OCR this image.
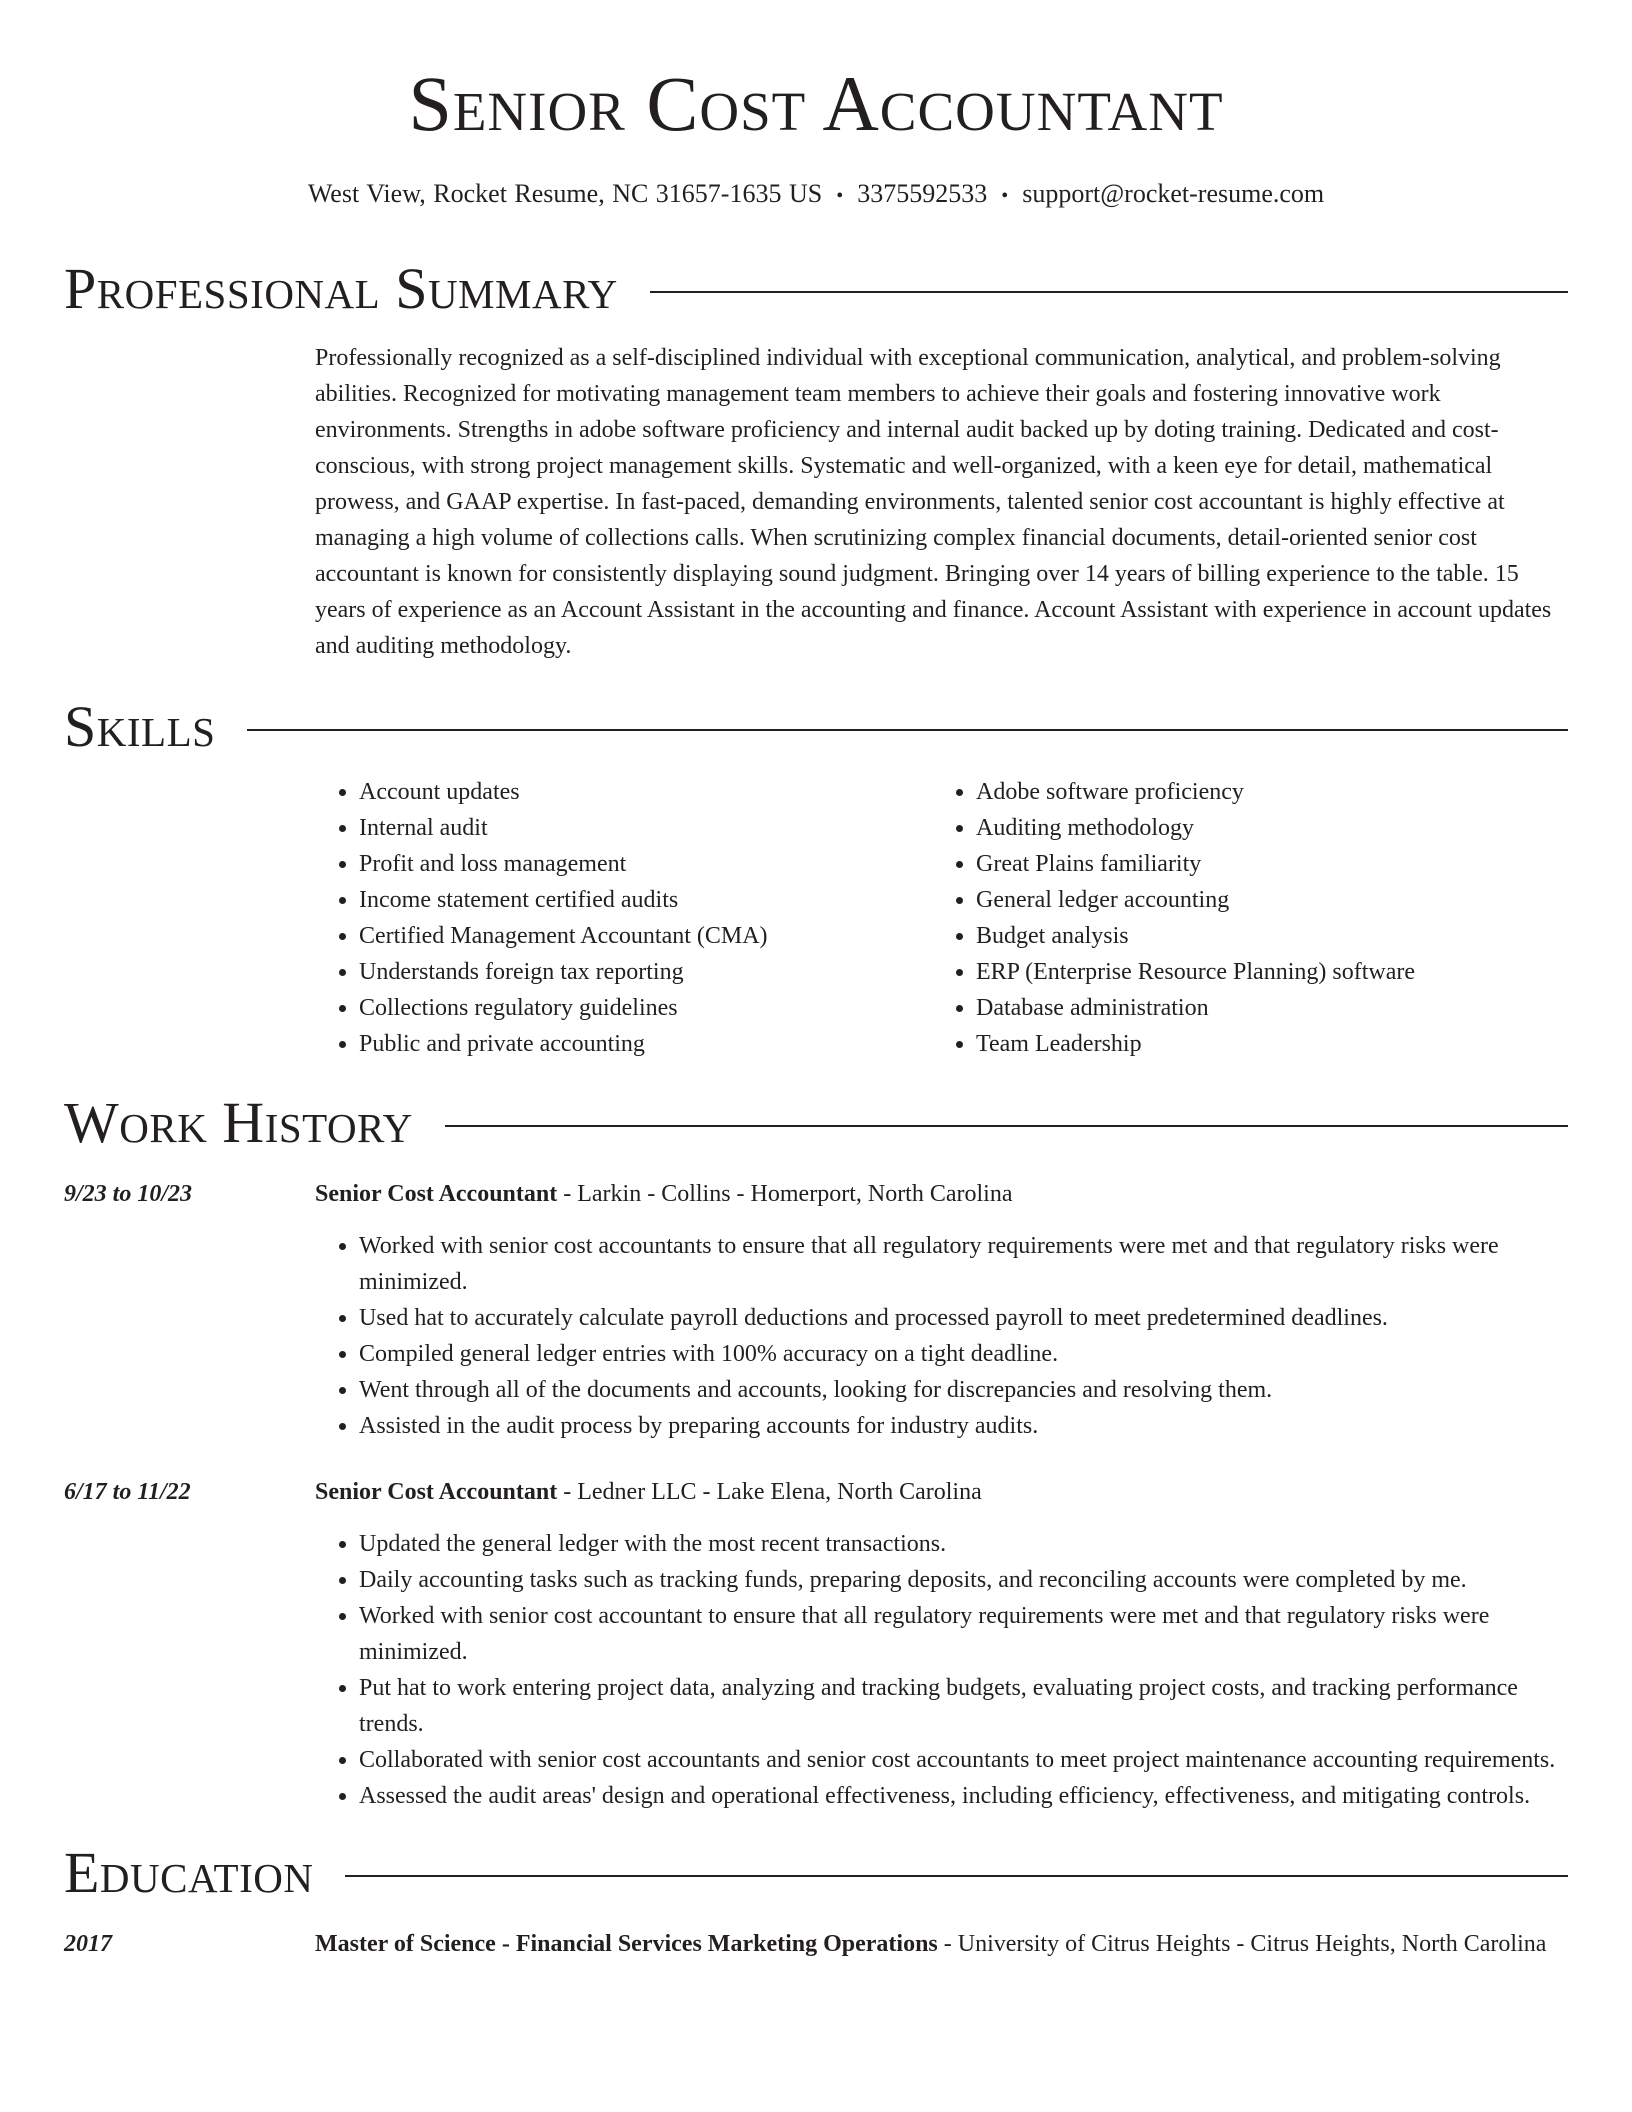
Senior Cost Accountant
West View, Rocket Resume, NC 31657-1635 US • 3375592533 • support@rocket-resume.com
Professional Summary
Professionally recognized as a self-disciplined individual with exceptional communication, analytical, and problem-solving abilities. Recognized for motivating management team members to achieve their goals and fostering innovative work environments. Strengths in adobe software proficiency and internal audit backed up by doting training. Dedicated and cost-conscious, with strong project management skills. Systematic and well-organized, with a keen eye for detail, mathematical prowess, and GAAP expertise. In fast-paced, demanding environments, talented senior cost accountant is highly effective at managing a high volume of collections calls. When scrutinizing complex financial documents, detail-oriented senior cost accountant is known for consistently displaying sound judgment. Bringing over 14 years of billing experience to the table. 15 years of experience as an Account Assistant in the accounting and finance. Account Assistant with experience in account updates and auditing methodology.
Skills
• Account updates
• Internal audit
• Profit and loss management
• Income statement certified audits
• Certified Management Accountant (CMA)
• Understands foreign tax reporting
• Collections regulatory guidelines
• Public and private accounting
• Adobe software proficiency
• Auditing methodology
• Great Plains familiarity
• General ledger accounting
• Budget analysis
• ERP (Enterprise Resource Planning) software
• Database administration
• Team Leadership
Work History
9/23 to 10/23	Senior Cost Accountant - Larkin - Collins - Homerport, North Carolina
• Worked with senior cost accountants to ensure that all regulatory requirements were met and that regulatory risks were minimized.
• Used hat to accurately calculate payroll deductions and processed payroll to meet predetermined deadlines.
• Compiled general ledger entries with 100% accuracy on a tight deadline.
• Went through all of the documents and accounts, looking for discrepancies and resolving them.
• Assisted in the audit process by preparing accounts for industry audits.
6/17 to 11/22	Senior Cost Accountant - Ledner LLC - Lake Elena, North Carolina
• Updated the general ledger with the most recent transactions.
• Daily accounting tasks such as tracking funds, preparing deposits, and reconciling accounts were completed by me.
• Worked with senior cost accountant to ensure that all regulatory requirements were met and that regulatory risks were minimized.
• Put hat to work entering project data, analyzing and tracking budgets, evaluating project costs, and tracking performance trends.
• Collaborated with senior cost accountants and senior cost accountants to meet project maintenance accounting requirements.
• Assessed the audit areas' design and operational effectiveness, including efficiency, effectiveness, and mitigating controls.
Education
2017	Master of Science - Financial Services Marketing Operations - University of Citrus Heights - Citrus Heights, North Carolina
